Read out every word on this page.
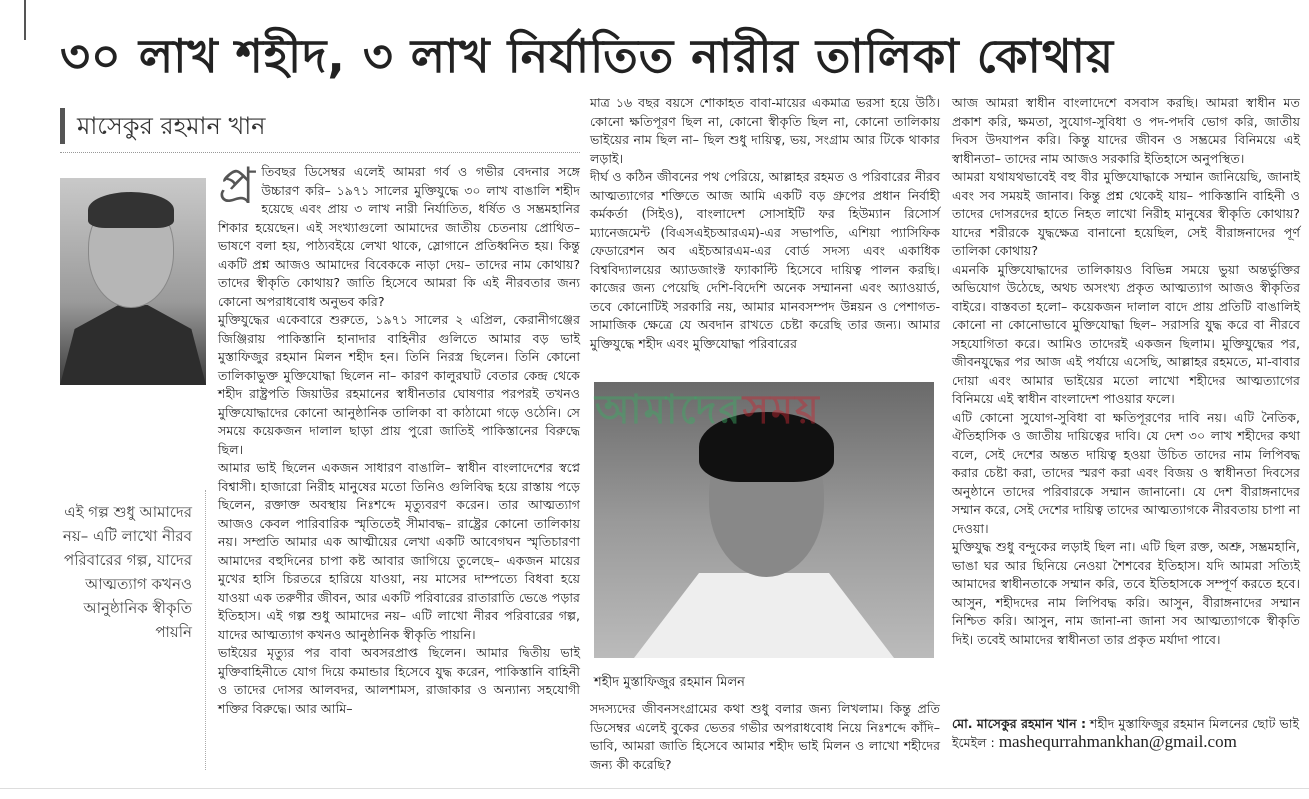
৩০ লাখ শহীদ, ৩ লাখ নির্যাতিত নারীর তালিকা কোথায়
মাসেকুর রহমান খান
এই গল্প শুধু আমাদের নয়– এটি লাখো নীরব পরিবারের গল্প, যাদের আত্মত্যাগ কখনও আনুষ্ঠানিক স্বীকৃতি পায়নি

প্র তিবছর ডিসেম্বর এলেই আমরা গর্ব ও গভীর বেদনার সঙ্গে উচ্চারণ করি– ১৯৭১ সালের মুক্তিযুদ্ধে ৩০ লাখ বাঙালি শহীদ হয়েছে এবং প্রায় ৩ লাখ নারী নির্যাতিত, ধর্ষিত ও সম্ভ্রমহানির শিকার হয়েছেন। এই সংখ্যাগুলো আমাদের জাতীয় চেতনায় প্রোথিত– ভাষণে বলা হয়, পাঠ্যবইয়ে লেখা থাকে, স্লোগানে প্রতিধ্বনিত হয়। কিন্তু একটি প্রশ্ন আজও আমাদের বিবেককে নাড়া দেয়– তাদের নাম কোথায়? তাদের স্বীকৃতি কোথায়? জাতি হিসেবে আমরা কি এই নীরবতার জন্য কোনো অপরাধবোধ অনুভব করি?

মুক্তিযুদ্ধের একেবারে শুরুতে, ১৯৭১ সালের ২ এপ্রিল, কেরানীগঞ্জের জিঞ্জিরায় পাকিস্তানি হানাদার বাহিনীর গুলিতে আমার বড় ভাই মুস্তাফিজুর রহমান মিলন শহীদ হন। তিনি নিরস্ত্র ছিলেন। তিনি কোনো তালিকাভুক্ত মুক্তিযোদ্ধা ছিলেন না– কারণ কালুরঘাট বেতার কেন্দ্র থেকে শহীদ রাষ্ট্রপতি জিয়াউর রহমানের স্বাধীনতার ঘোষণার পরপরই তখনও মুক্তিযোদ্ধাদের কোনো আনুষ্ঠানিক তালিকা বা কাঠামো গড়ে ওঠেনি। সে সময়ে কয়েকজন দালাল ছাড়া প্রায় পুরো জাতিই পাকিস্তানের বিরুদ্ধে ছিল।

আমার ভাই ছিলেন একজন সাধারণ বাঙালি– স্বাধীন বাংলাদেশের স্বপ্নে বিশ্বাসী। হাজারো নিরীহ মানুষের মতো তিনিও গুলিবিদ্ধ হয়ে রাস্তায় পড়ে ছিলেন, রক্তাক্ত অবস্থায় নিঃশব্দে মৃত্যুবরণ করেন। তার আত্মত্যাগ আজও কেবল পারিবারিক স্মৃতিতেই সীমাবদ্ধ– রাষ্ট্রের কোনো তালিকায় নয়। সম্প্রতি আমার এক আত্মীয়ের লেখা একটি আবেগঘন স্মৃতিচারণা আমাদের বহুদিনের চাপা কষ্ট আবার জাগিয়ে তুলেছে– একজন মায়ের মুখের হাসি চিরতরে হারিয়ে যাওয়া, নয় মাসের দাম্পত্যে বিধবা হয়ে যাওয়া এক তরুণীর জীবন, আর একটি পরিবারের রাতারাতি ভেঙে পড়ার ইতিহাস। এই গল্প শুধু আমাদের নয়– এটি লাখো নীরব পরিবারের গল্প, যাদের আত্মত্যাগ কখনও আনুষ্ঠানিক স্বীকৃতি পায়নি।

ভাইয়ের মৃত্যুর পর বাবা অবসরপ্রাপ্ত ছিলেন। আমার দ্বিতীয় ভাই মুক্তিবাহিনীতে যোগ দিয়ে কমান্ডার হিসেবে যুদ্ধ করেন, পাকিস্তানি বাহিনী ও তাদের দোসর আলবদর, আলশামস, রাজাকার ও অন্যান্য সহযোগী শক্তির বিরুদ্ধে। আর আমি–

মাত্র ১৬ বছর বয়সে শোকাহত বাবা-মায়ের একমাত্র ভরসা হয়ে উঠি। কোনো ক্ষতিপূরণ ছিল না, কোনো স্বীকৃতি ছিল না, কোনো তালিকায় ভাইয়ের নাম ছিল না– ছিল শুধু দায়িত্ব, ভয়, সংগ্রাম আর টিকে থাকার লড়াই।

দীর্ঘ ও কঠিন জীবনের পথ পেরিয়ে, আল্লাহর রহমত ও পরিবারের নীরব আত্মত্যাগের শক্তিতে আজ আমি একটি বড় গ্রুপের প্রধান নির্বাহী কর্মকর্তা (সিইও), বাংলাদেশ সোসাইটি ফর হিউম্যান রিসোর্স ম্যানেজমেন্ট (বিএসএইচআরএম)-এর সভাপতি, এশিয়া প্যাসিফিক ফেডারেশন অব এইচআরএম-এর বোর্ড সদস্য এবং একাধিক বিশ্ববিদ্যালয়ের অ্যাডজাংক্ট ফ্যাকাল্টি হিসেবে দায়িত্ব পালন করছি। কাজের জন্য পেয়েছি দেশি-বিদেশি অনেক সম্মাননা এবং অ্যাওয়ার্ড, তবে কোনোটিই সরকারি নয়, আমার মানবসম্পদ উন্নয়ন ও পেশাগত-সামাজিক ক্ষেত্রে যে অবদান রাখতে চেষ্টা করেছি তার জন্য। আমার মুক্তিযুদ্ধে শহীদ এবং মুক্তিযোদ্ধা পরিবারের

আমাদেরসময়
শহীদ মুস্তাফিজুর রহমান মিলন

সদস্যদের জীবনসংগ্রামের কথা শুধু বলার জন্য লিখলাম। কিন্তু প্রতি ডিসেম্বর এলেই বুকের ভেতর গভীর অপরাধবোধ নিয়ে নিঃশব্দে কাঁদি– ভাবি, আমরা জাতি হিসেবে আমার শহীদ ভাই মিলন ও লাখো শহীদের জন্য কী করেছি?

আজ আমরা স্বাধীন বাংলাদেশে বসবাস করছি। আমরা স্বাধীন মত প্রকাশ করি, ক্ষমতা, সুযোগ-সুবিধা ও পদ-পদবি ভোগ করি, জাতীয় দিবস উদযাপন করি। কিন্তু যাদের জীবন ও সম্ভ্রমের বিনিময়ে এই স্বাধীনতা– তাদের নাম আজও সরকারি ইতিহাসে অনুপস্থিত।

আমরা যথাযথভাবেই বহু বীর মুক্তিযোদ্ধাকে সম্মান জানিয়েছি, জানাই এবং সব সময়ই জানাব। কিন্তু প্রশ্ন থেকেই যায়– পাকিস্তানি বাহিনী ও তাদের দোসরদের হাতে নিহত লাখো নিরীহ মানুষের স্বীকৃতি কোথায়? যাদের শরীরকে যুদ্ধক্ষেত্র বানানো হয়েছিল, সেই বীরাঙ্গনাদের পূর্ণ তালিকা কোথায়?

এমনকি মুক্তিযোদ্ধাদের তালিকায়ও বিভিন্ন সময়ে ভুয়া অন্তর্ভুক্তির অভিযোগ উঠেছে, অথচ অসংখ্য প্রকৃত আত্মত্যাগ আজও স্বীকৃতির বাইরে। বাস্তবতা হলো– কয়েকজন দালাল বাদে প্রায় প্রতিটি বাঙালিই কোনো না কোনোভাবে মুক্তিযোদ্ধা ছিল– সরাসরি যুদ্ধ করে বা নীরবে সহযোগিতা করে। আমিও তাদেরই একজন ছিলাম। মুক্তিযুদ্ধের পর, জীবনযুদ্ধের পর আজ এই পর্যায়ে এসেছি, আল্লাহর রহমতে, মা-বাবার দোয়া এবং আমার ভাইয়ের মতো লাখো শহীদের আত্মত্যাগের বিনিময়ে এই স্বাধীন বাংলাদেশ পাওয়ার ফলে।

এটি কোনো সুযোগ-সুবিধা বা ক্ষতিপূরণের দাবি নয়। এটি নৈতিক, ঐতিহাসিক ও জাতীয় দায়িত্বের দাবি। যে দেশ ৩০ লাখ শহীদের কথা বলে, সেই দেশের অন্তত দায়িত্ব হওয়া উচিত তাদের নাম লিপিবদ্ধ করার চেষ্টা করা, তাদের স্মরণ করা এবং বিজয় ও স্বাধীনতা দিবসের অনুষ্ঠানে তাদের পরিবারকে সম্মান জানানো। যে দেশ বীরাঙ্গনাদের সম্মান করে, সেই দেশের দায়িত্ব তাদের আত্মত্যাগকে নীরবতায় চাপা না দেওয়া।

মুক্তিযুদ্ধ শুধু বন্দুকের লড়াই ছিল না। এটি ছিল রক্ত, অশ্রু, সম্ভ্রমহানি, ভাঙা ঘর আর ছিনিয়ে নেওয়া শৈশবের ইতিহাস। যদি আমরা সত্যিই আমাদের স্বাধীনতাকে সম্মান করি, তবে ইতিহাসকে সম্পূর্ণ করতে হবে। আসুন, শহীদদের নাম লিপিবদ্ধ করি। আসুন, বীরাঙ্গনাদের সম্মান নিশ্চিত করি। আসুন, নাম জানা-না জানা সব আত্মত্যাগকে স্বীকৃতি দিই। তবেই আমাদের স্বাধীনতা তার প্রকৃত মর্যাদা পাবে।

মো. মাসেকুর রহমান খান : শহীদ মুস্তাফিজুর রহমান মিলনের ছোট ভাই
ইমেইল : mashequrrahmankhan@gmail.com
